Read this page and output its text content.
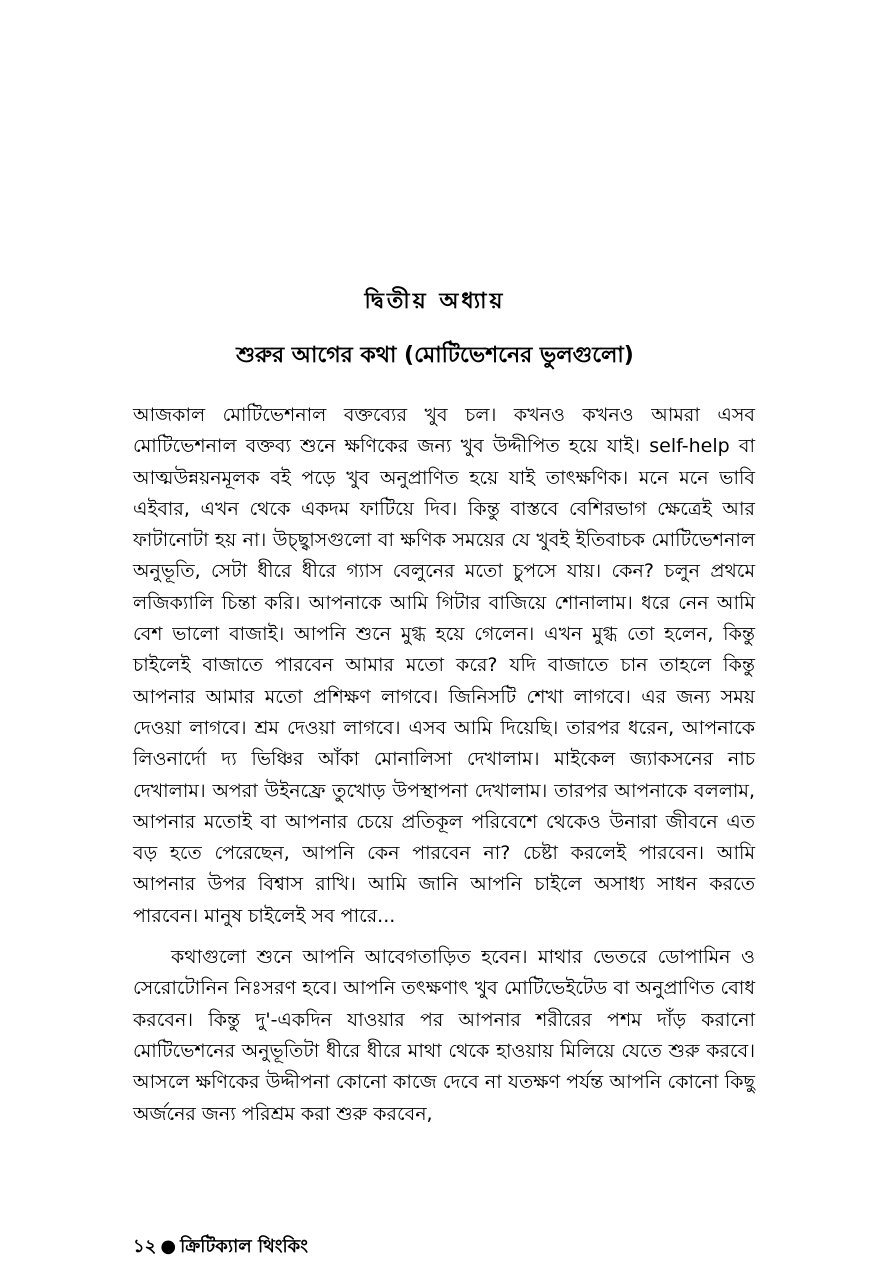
দ্বিতীয় অধ্যায়
শুরুর আগের কথা (মোটিভেশনের ভুলগুলো)

আজকাল মোটিভেশনাল বক্তব্যের খুব চল। কখনও কখনও আমরা এসব মোটিভেশনাল বক্তব্য শুনে ক্ষণিকের জন্য খুব উদ্দীপিত হয়ে যাই। self-help বা আত্মউন্নয়নমূলক বই পড়ে খুব অনুপ্রাণিত হয়ে যাই তাৎক্ষণিক। মনে মনে ভাবি এইবার, এখন থেকে একদম ফাটিয়ে দিব। কিন্তু বাস্তবে বেশিরভাগ ক্ষেত্রেই আর ফাটানোটা হয় না। উচ্ছ্বাসগুলো বা ক্ষণিক সময়ের যে খুবই ইতিবাচক মোটিভেশনাল অনুভূতি, সেটা ধীরে ধীরে গ্যাস বেলুনের মতো চুপসে যায়। কেন? চলুন প্রথমে লজিক্যালি চিন্তা করি। আপনাকে আমি গিটার বাজিয়ে শোনালাম। ধরে নেন আমি বেশ ভালো বাজাই। আপনি শুনে মুগ্ধ হয়ে গেলেন। এখন মুগ্ধ তো হলেন, কিন্তু চাইলেই বাজাতে পারবেন আমার মতো করে? যদি বাজাতে চান তাহলে কিন্তু আপনার আমার মতো প্রশিক্ষণ লাগবে। জিনিসটি শেখা লাগবে। এর জন্য সময় দেওয়া লাগবে। শ্রম দেওয়া লাগবে। এসব আমি দিয়েছি। তারপর ধরেন, আপনাকে লিওনার্দো দ্য ভিঞ্চির আঁকা মোনালিসা দেখালাম। মাইকেল জ্যাকসনের নাচ দেখালাম। অপরা উইনফ্রে তুখোড় উপস্থাপনা দেখালাম। তারপর আপনাকে বললাম, আপনার মতোই বা আপনার চেয়ে প্রতিকূল পরিবেশে থেকেও উনারা জীবনে এত বড় হতে পেরেছেন, আপনি কেন পারবেন না? চেষ্টা করলেই পারবেন। আমি আপনার উপর বিশ্বাস রাখি। আমি জানি আপনি চাইলে অসাধ্য সাধন করতে পারবেন। মানুষ চাইলেই সব পারে...

কথাগুলো শুনে আপনি আবেগতাড়িত হবেন। মাথার ভেতরে ডোপামিন ও সেরোটোনিন নিঃসরণ হবে। আপনি তৎক্ষণাৎ খুব মোটিভেইটেড বা অনুপ্রাণিত বোধ করবেন। কিন্তু দু'-একদিন যাওয়ার পর আপনার শরীরের পশম দাঁড় করানো মোটিভেশনের অনুভূতিটা ধীরে ধীরে মাথা থেকে হাওয়ায় মিলিয়ে যেতে শুরু করবে। আসলে ক্ষণিকের উদ্দীপনা কোনো কাজে দেবে না যতক্ষণ পর্যন্ত আপনি কোনো কিছু অর্জনের জন্য পরিশ্রম করা শুরু করবেন,

১২ ● ক্রিটিক্যাল থিংকিং
